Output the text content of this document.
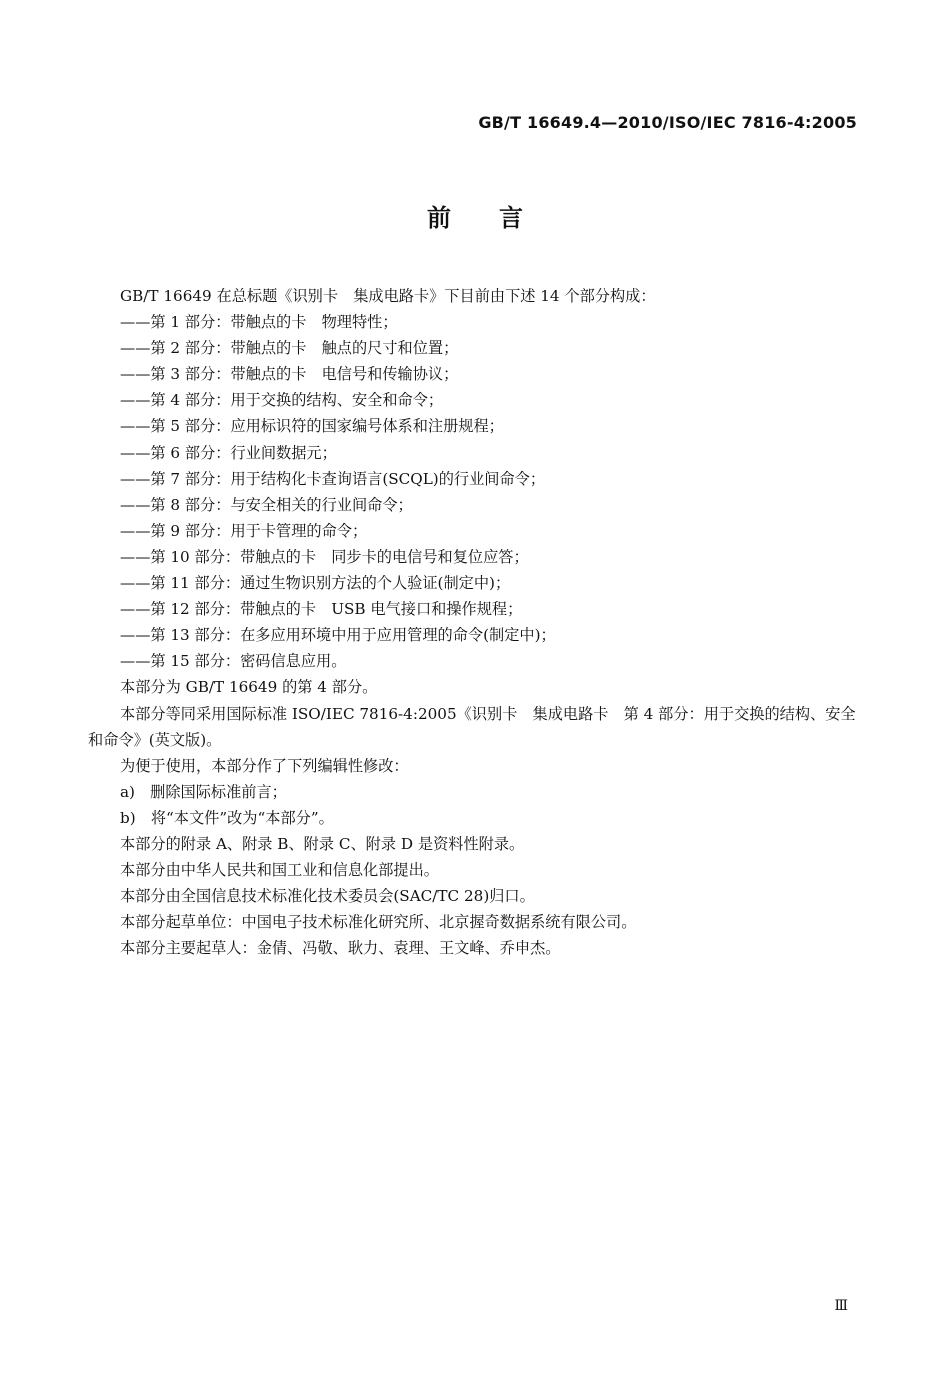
GB/T 16649.4—2010/ISO/IEC 7816-4:2005
前 言
GB/T 16649 在总标题《识别卡　集成电路卡》下目前由下述 14 个部分构成：
——第 1 部分：带触点的卡　物理特性；
——第 2 部分：带触点的卡　触点的尺寸和位置；
——第 3 部分：带触点的卡　电信号和传输协议；
——第 4 部分：用于交换的结构、安全和命令；
——第 5 部分：应用标识符的国家编号体系和注册规程；
——第 6 部分：行业间数据元；
——第 7 部分：用于结构化卡查询语言(SCQL)的行业间命令；
——第 8 部分：与安全相关的行业间命令；
——第 9 部分：用于卡管理的命令；
——第 10 部分：带触点的卡　同步卡的电信号和复位应答；
——第 11 部分：通过生物识别方法的个人验证(制定中)；
——第 12 部分：带触点的卡　USB 电气接口和操作规程；
——第 13 部分：在多应用环境中用于应用管理的命令(制定中)；
——第 15 部分：密码信息应用。
本部分为 GB/T 16649 的第 4 部分。
本部分等同采用国际标准 ISO/IEC 7816-4:2005《识别卡　集成电路卡　第 4 部分：用于交换的结构、安全和命令》(英文版)。
为便于使用，本部分作了下列编辑性修改：
a)　删除国际标准前言；
b)　将“本文件”改为“本部分”。
本部分的附录 A、附录 B、附录 C、附录 D 是资料性附录。
本部分由中华人民共和国工业和信息化部提出。
本部分由全国信息技术标准化技术委员会(SAC/TC 28)归口。
本部分起草单位：中国电子技术标准化研究所、北京握奇数据系统有限公司。
本部分主要起草人：金倩、冯敬、耿力、袁理、王文峰、乔申杰。
Ⅲ
